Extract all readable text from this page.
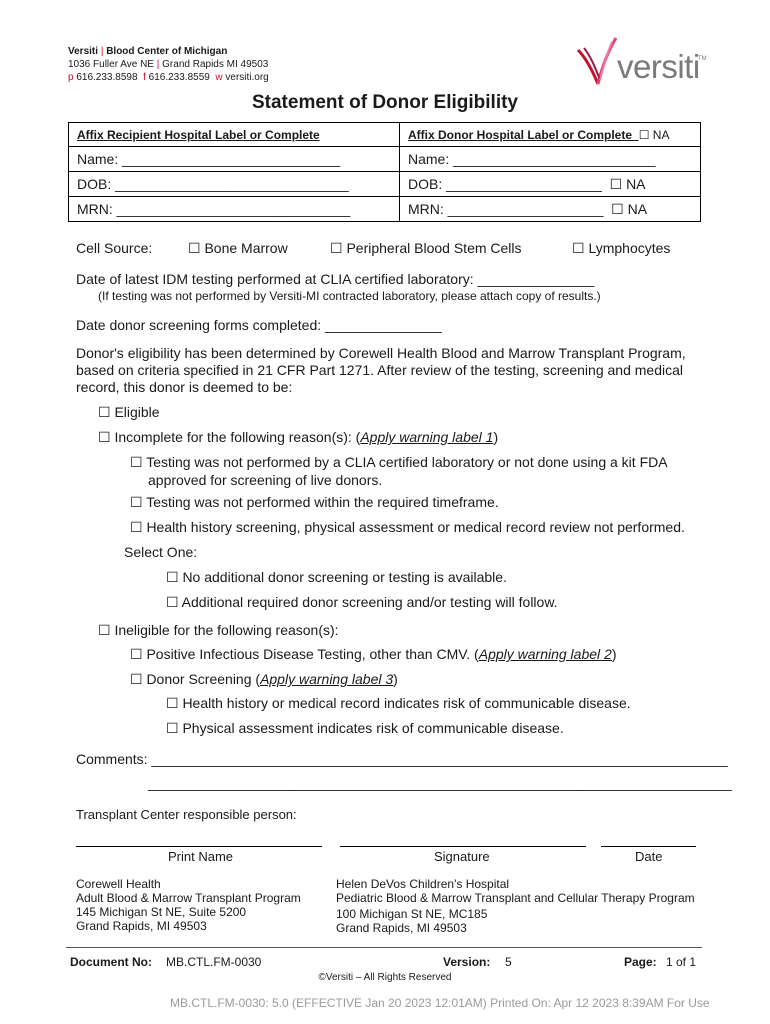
Versiti | Blood Center of Michigan
1036 Fuller Ave NE | Grand Rapids MI 49503
p 616.233.8598 f 616.233.8559 w versiti.org	versiti
TM
Statement of Donor Eligibility
Affix Recipient Hospital Label or Complete	Affix Donor Hospital Label or Complete ☐ NA
Name: ____________________________	Name: __________________________
DOB: ______________________________	DOB: ____________________ ☐ NA
MRN: ______________________________	MRN: ____________________ ☐ NA
Cell Source:	☐ Bone Marrow	☐ Peripheral Blood Stem Cells	☐ Lymphocytes
Date of latest IDM testing performed at CLIA certified laboratory: _______________
(If testing was not performed by Versiti-MI contracted laboratory, please attach copy of results.)
Date donor screening forms completed: _______________
Donor's eligibility has been determined by Corewell Health Blood and Marrow Transplant Program,
based on criteria specified in 21 CFR Part 1271. After review of the testing, screening and medical
record, this donor is deemed to be:
☐ Eligible
☐ Incomplete for the following reason(s): (Apply warning label 1)
☐ Testing was not performed by a CLIA certified laboratory or not done using a kit FDA
approved for screening of live donors.
☐ Testing was not performed within the required timeframe.
☐ Health history screening, physical assessment or medical record review not performed.
Select One:
☐ No additional donor screening or testing is available.
☐ Additional required donor screening and/or testing will follow.
☐ Ineligible for the following reason(s):
☐ Positive Infectious Disease Testing, other than CMV. (Apply warning label 2)
☐ Donor Screening (Apply warning label 3)
☐ Health history or medical record indicates risk of communicable disease.
☐ Physical assessment indicates risk of communicable disease.
Comments: __________________________________________________________________________
___________________________________________________________________________
Transplant Center responsible person:
Print Name	Signature	Date
Corewell Health
Adult Blood & Marrow Transplant Program
145 Michigan St NE, Suite 5200
Grand Rapids, MI 49503
Helen DeVos Children's Hospital
Pediatric Blood & Marrow Transplant and Cellular Therapy Program
100 Michigan St NE, MC185
Grand Rapids, MI 49503
Document No: MB.CTL.FM-0030	Version: 5	Page: 1 of 1
©Versiti – All Rights Reserved
MB.CTL.FM-0030: 5.0 (EFFECTIVE Jan 20 2023 12:01AM) Printed On: Apr 12 2023 8:39AM For Use
